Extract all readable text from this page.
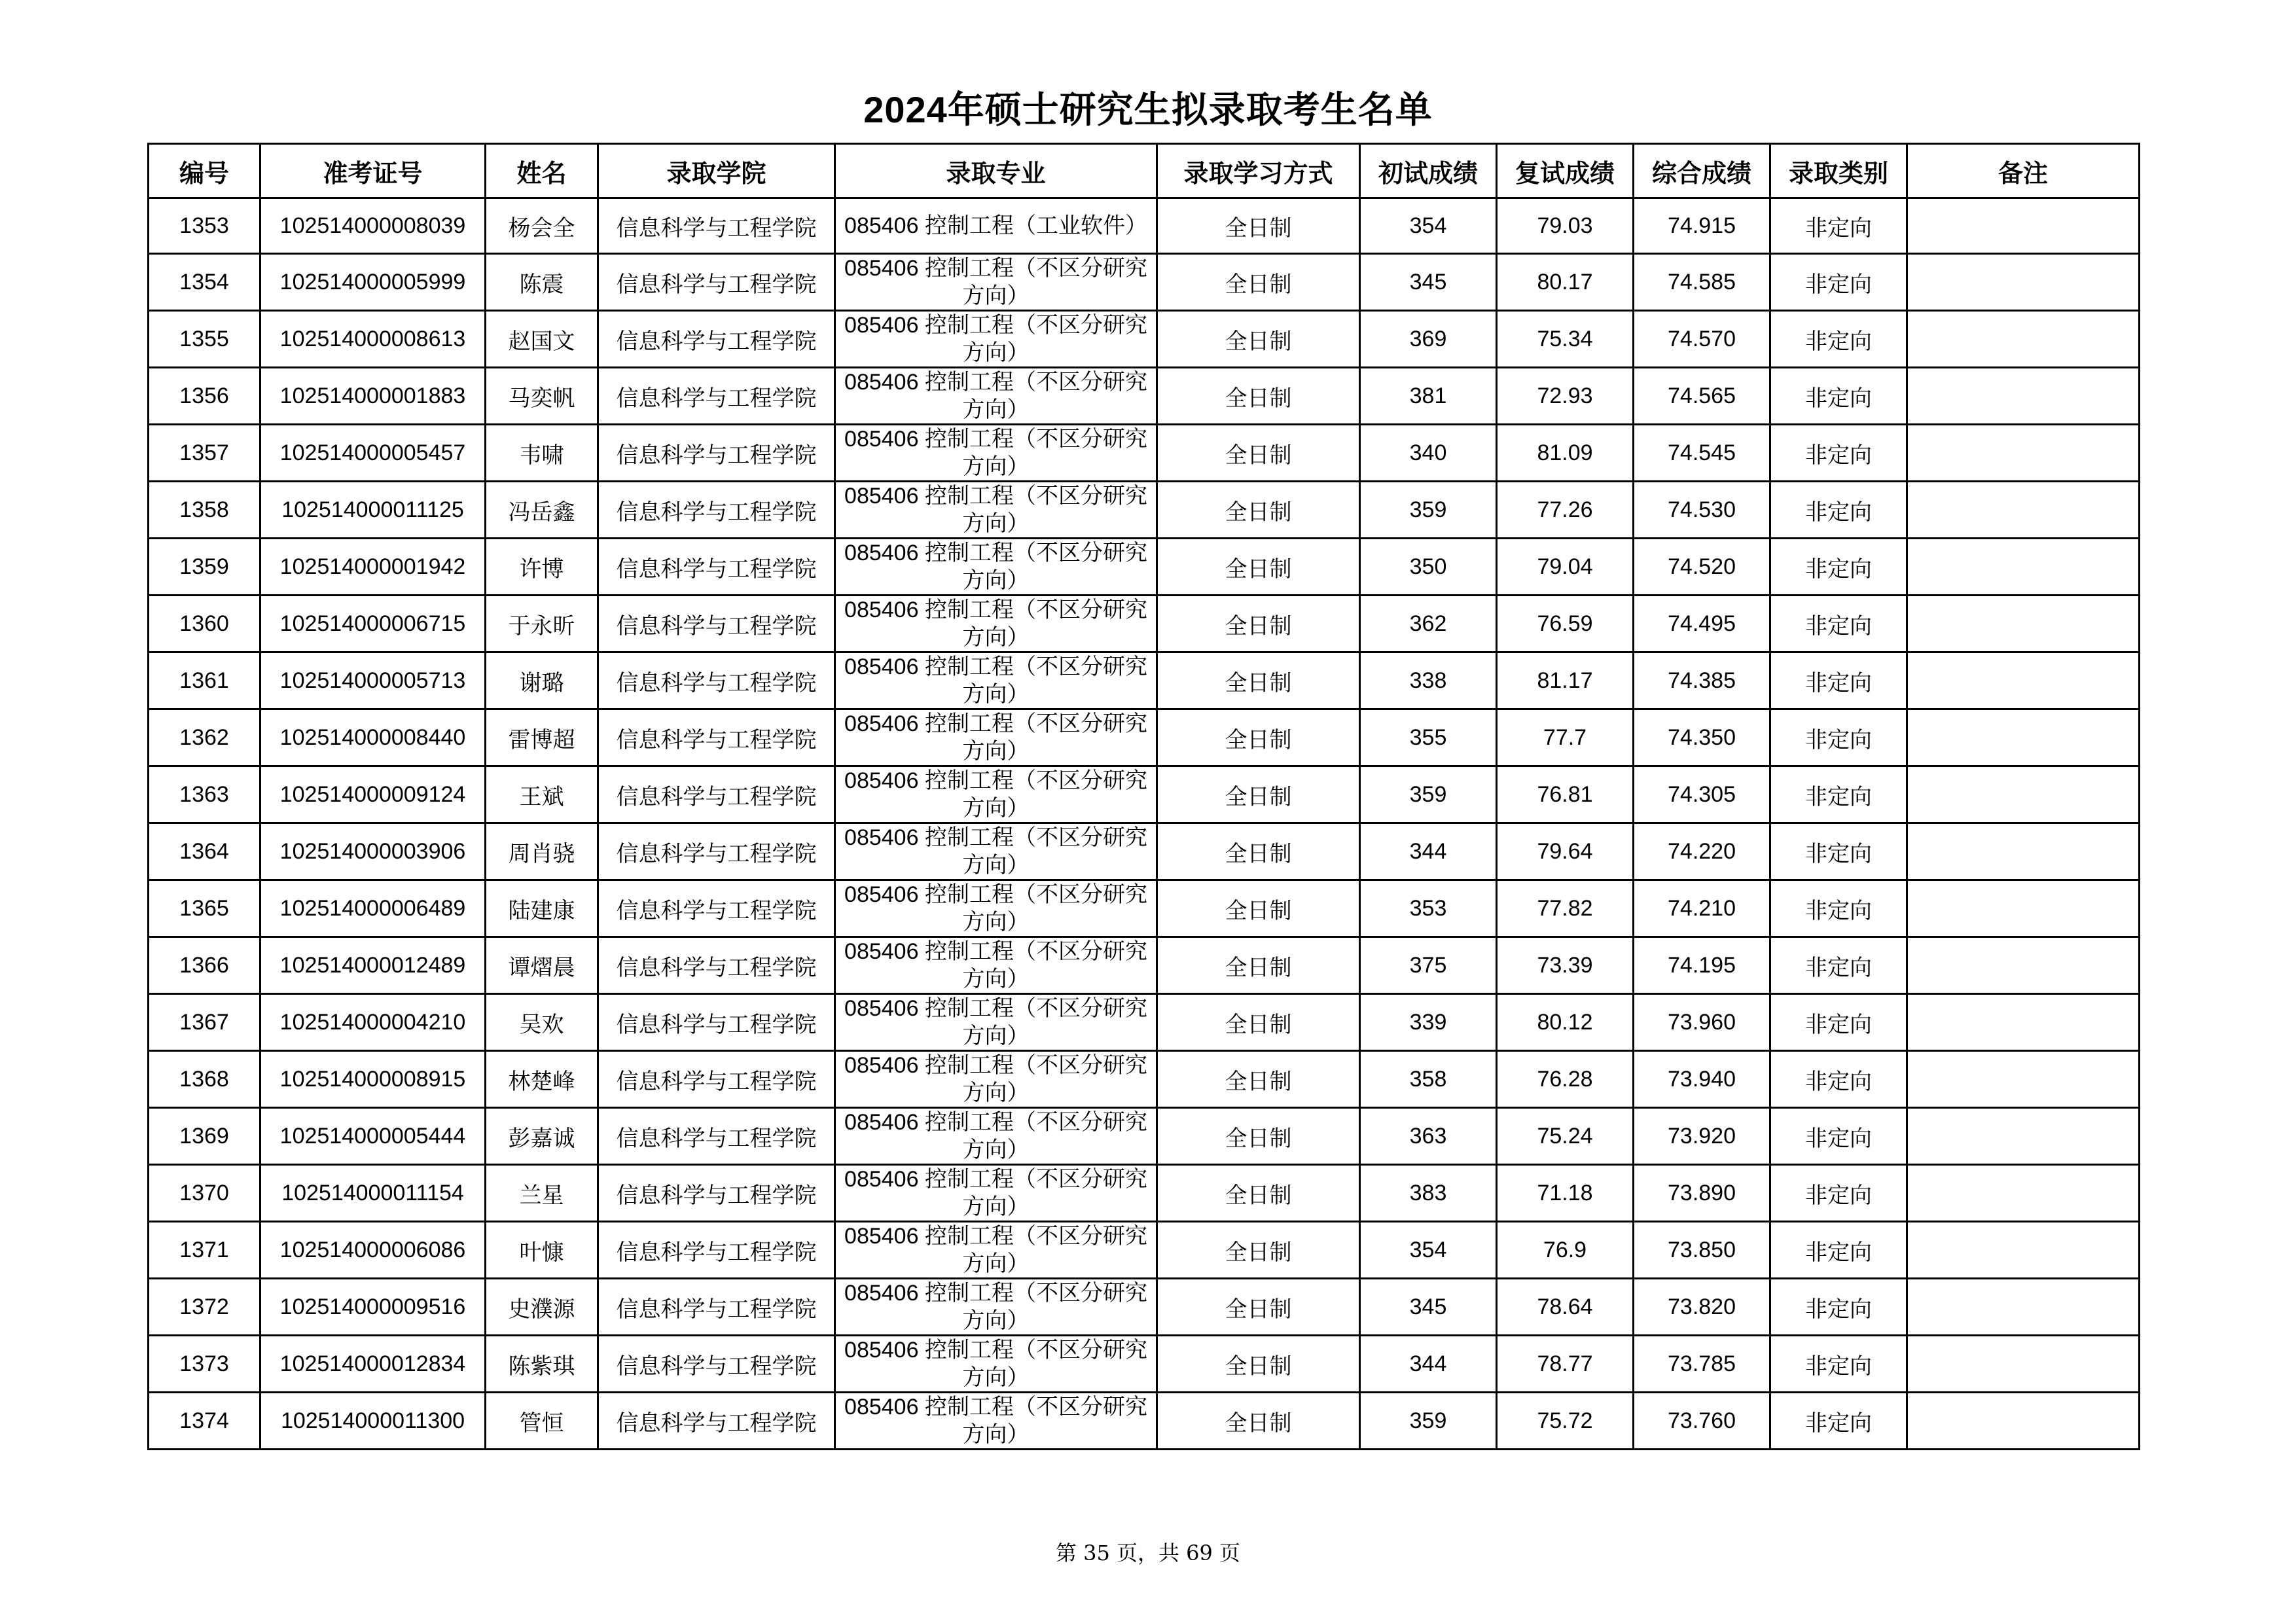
2024年硕士研究生拟录取考生名单
编号	准考证号	姓名	录取学院	录取专业	录取学习方式	初试成绩	复试成绩	综合成绩	录取类别	备注
1353	102514000008039	杨会全	信息科学与工程学院	085406 控制工程（工业软件）	全日制	354	79.03	74.915	非定向	
1354	102514000005999	陈震	信息科学与工程学院	085406 控制工程（不区分研究方向）	全日制	345	80.17	74.585	非定向	
1355	102514000008613	赵国文	信息科学与工程学院	085406 控制工程（不区分研究方向）	全日制	369	75.34	74.570	非定向	
1356	102514000001883	马奕帆	信息科学与工程学院	085406 控制工程（不区分研究方向）	全日制	381	72.93	74.565	非定向	
1357	102514000005457	韦啸	信息科学与工程学院	085406 控制工程（不区分研究方向）	全日制	340	81.09	74.545	非定向	
1358	102514000011125	冯岳鑫	信息科学与工程学院	085406 控制工程（不区分研究方向）	全日制	359	77.26	74.530	非定向	
1359	102514000001942	许博	信息科学与工程学院	085406 控制工程（不区分研究方向）	全日制	350	79.04	74.520	非定向	
1360	102514000006715	于永昕	信息科学与工程学院	085406 控制工程（不区分研究方向）	全日制	362	76.59	74.495	非定向	
1361	102514000005713	谢璐	信息科学与工程学院	085406 控制工程（不区分研究方向）	全日制	338	81.17	74.385	非定向	
1362	102514000008440	雷博超	信息科学与工程学院	085406 控制工程（不区分研究方向）	全日制	355	77.7	74.350	非定向	
1363	102514000009124	王斌	信息科学与工程学院	085406 控制工程（不区分研究方向）	全日制	359	76.81	74.305	非定向	
1364	102514000003906	周肖骁	信息科学与工程学院	085406 控制工程（不区分研究方向）	全日制	344	79.64	74.220	非定向	
1365	102514000006489	陆建康	信息科学与工程学院	085406 控制工程（不区分研究方向）	全日制	353	77.82	74.210	非定向	
1366	102514000012489	谭熠晨	信息科学与工程学院	085406 控制工程（不区分研究方向）	全日制	375	73.39	74.195	非定向	
1367	102514000004210	吴欢	信息科学与工程学院	085406 控制工程（不区分研究方向）	全日制	339	80.12	73.960	非定向	
1368	102514000008915	林楚峰	信息科学与工程学院	085406 控制工程（不区分研究方向）	全日制	358	76.28	73.940	非定向	
1369	102514000005444	彭嘉诚	信息科学与工程学院	085406 控制工程（不区分研究方向）	全日制	363	75.24	73.920	非定向	
1370	102514000011154	兰星	信息科学与工程学院	085406 控制工程（不区分研究方向）	全日制	383	71.18	73.890	非定向	
1371	102514000006086	叶慷	信息科学与工程学院	085406 控制工程（不区分研究方向）	全日制	354	76.9	73.850	非定向	
1372	102514000009516	史濮源	信息科学与工程学院	085406 控制工程（不区分研究方向）	全日制	345	78.64	73.820	非定向	
1373	102514000012834	陈紫琪	信息科学与工程学院	085406 控制工程（不区分研究方向）	全日制	344	78.77	73.785	非定向	
1374	102514000011300	管恒	信息科学与工程学院	085406 控制工程（不区分研究方向）	全日制	359	75.72	73.760	非定向	
第 35 页，共 69 页
